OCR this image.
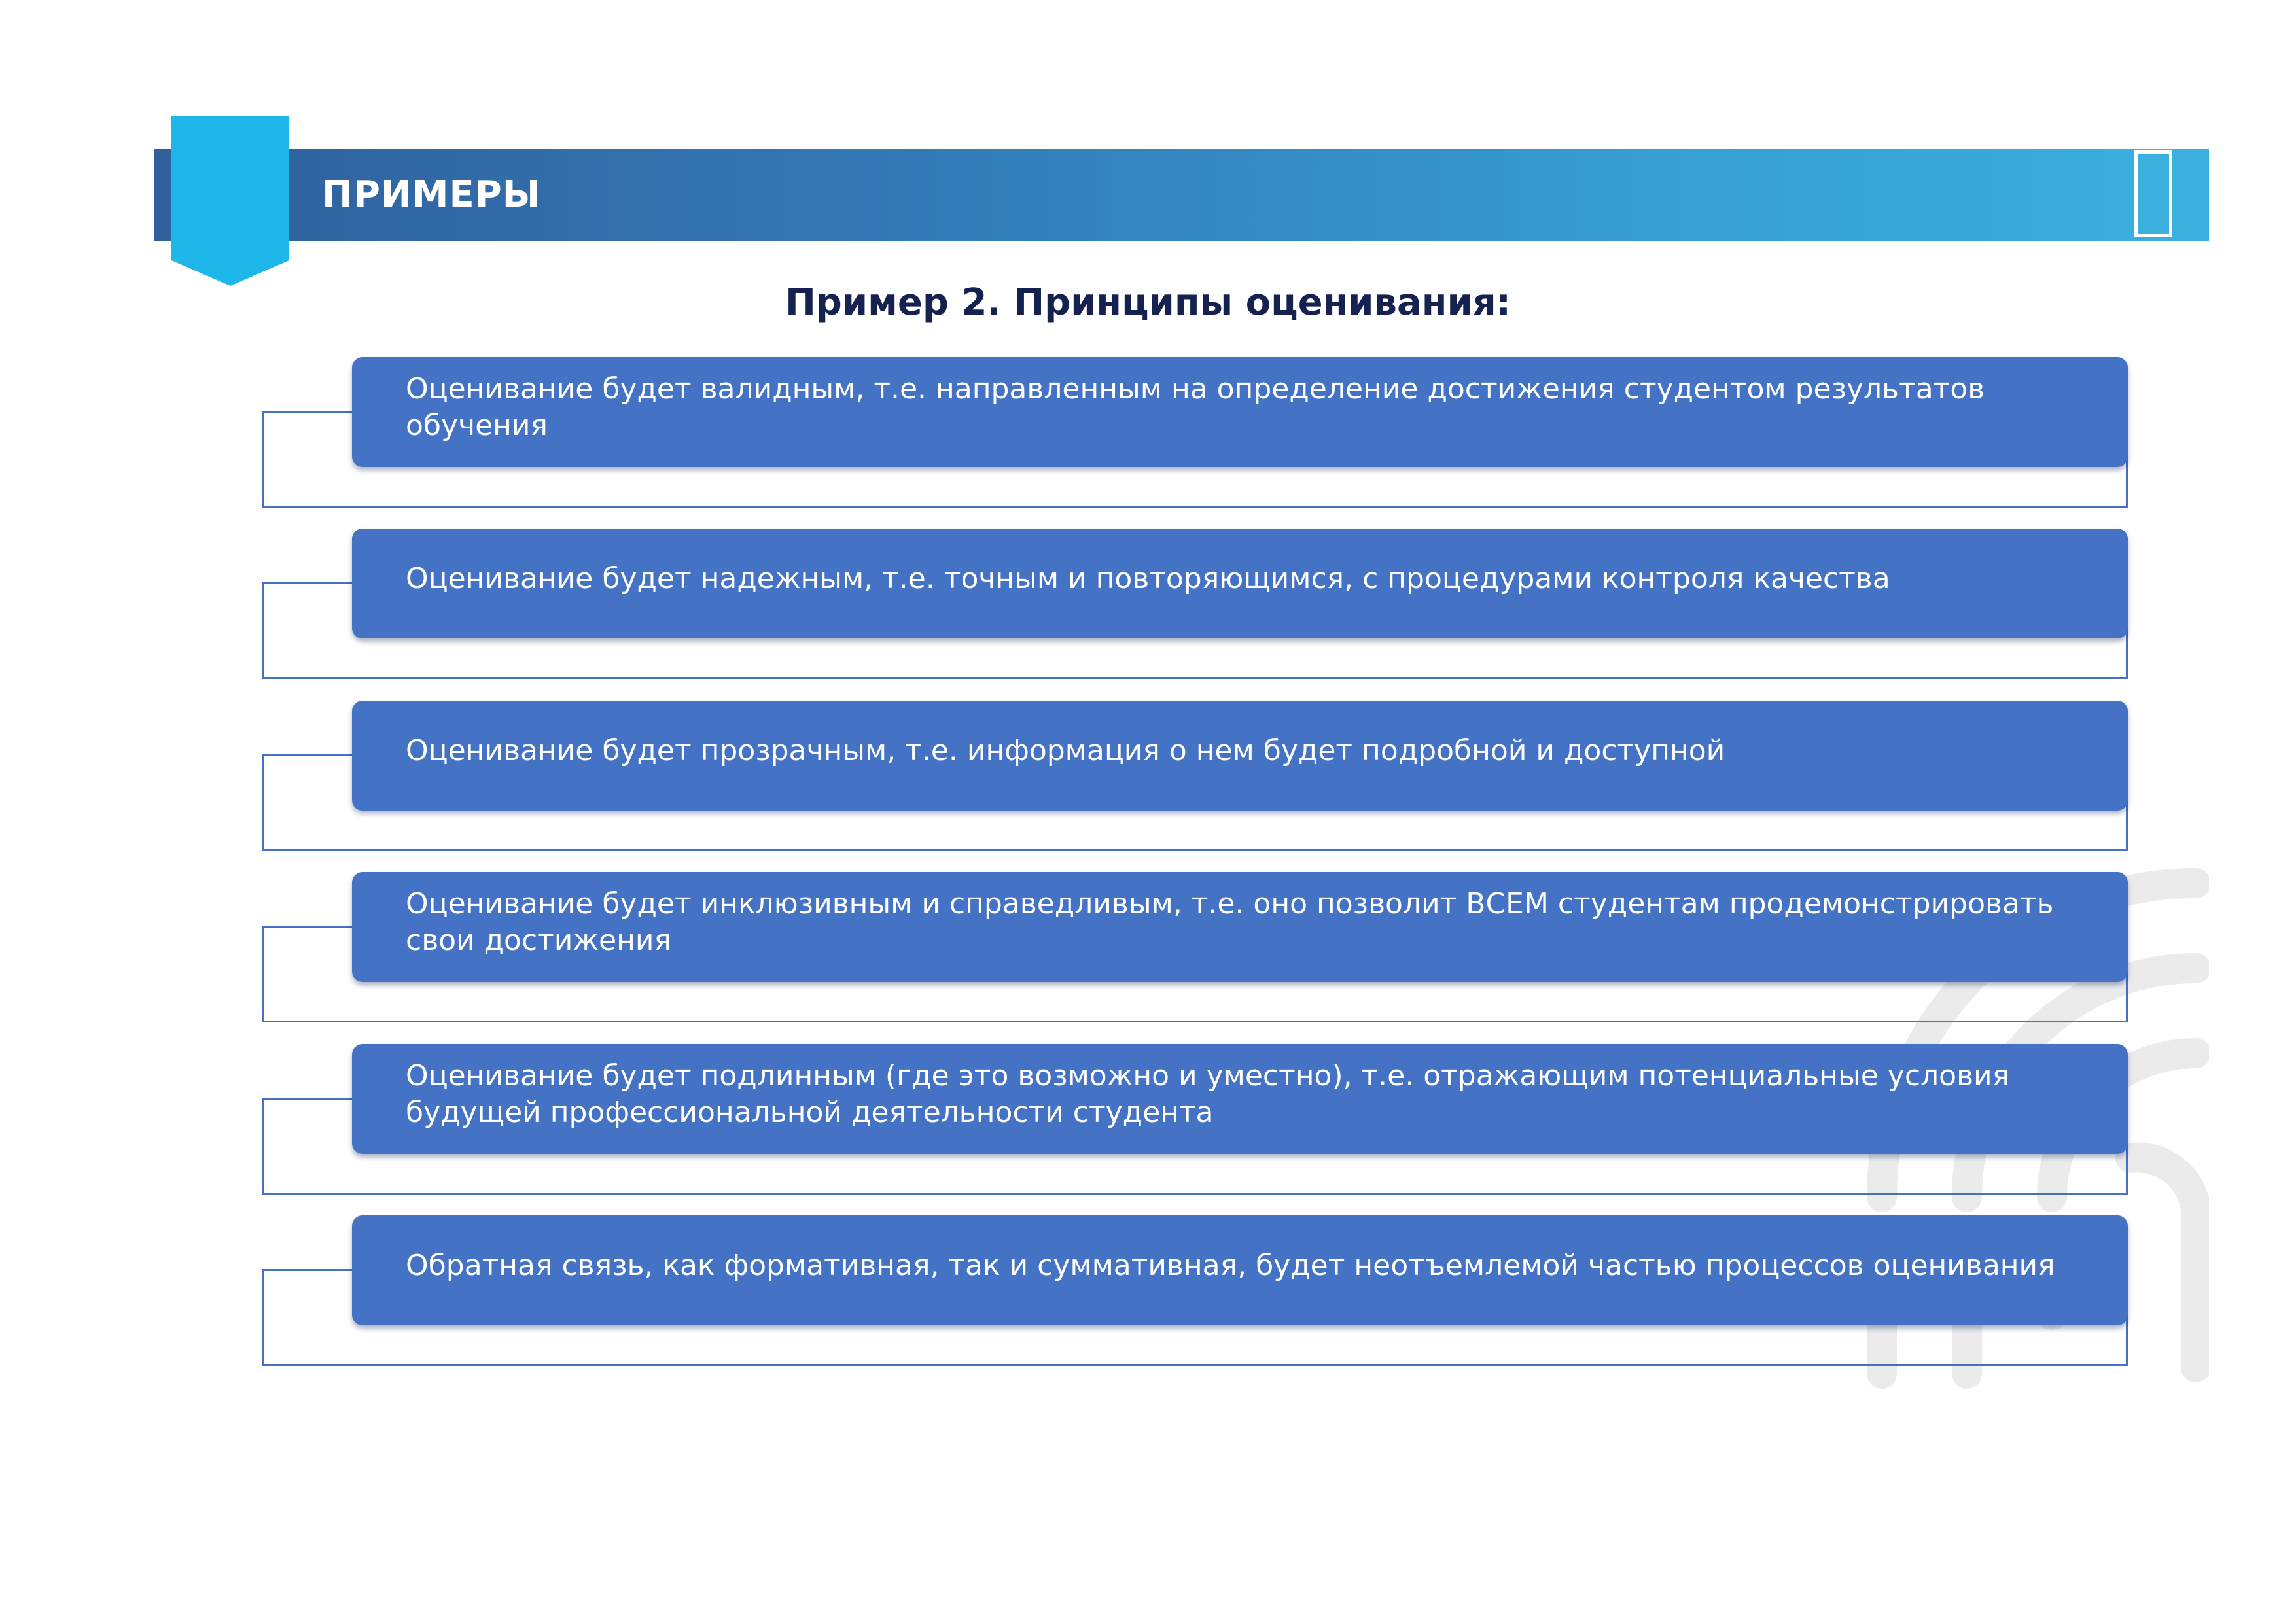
ПРИМЕРЫ
Пример 2. Принципы оценивания:
Оценивание будет валидным, т.е. направленным на определение достижения студентом результатов обучения
Оценивание будет надежным, т.е. точным и повторяющимся, с процедурами контроля качества
Оценивание будет прозрачным, т.е. информация о нем будет подробной и доступной
Оценивание будет инклюзивным и справедливым, т.е. оно позволит ВСЕМ студентам продемонстрировать свои достижения
Оценивание будет подлинным (где это возможно и уместно), т.е. отражающим потенциальные условия будущей профессиональной деятельности студента
Обратная связь, как формативная, так и суммативная, будет неотъемлемой частью процессов оценивания
